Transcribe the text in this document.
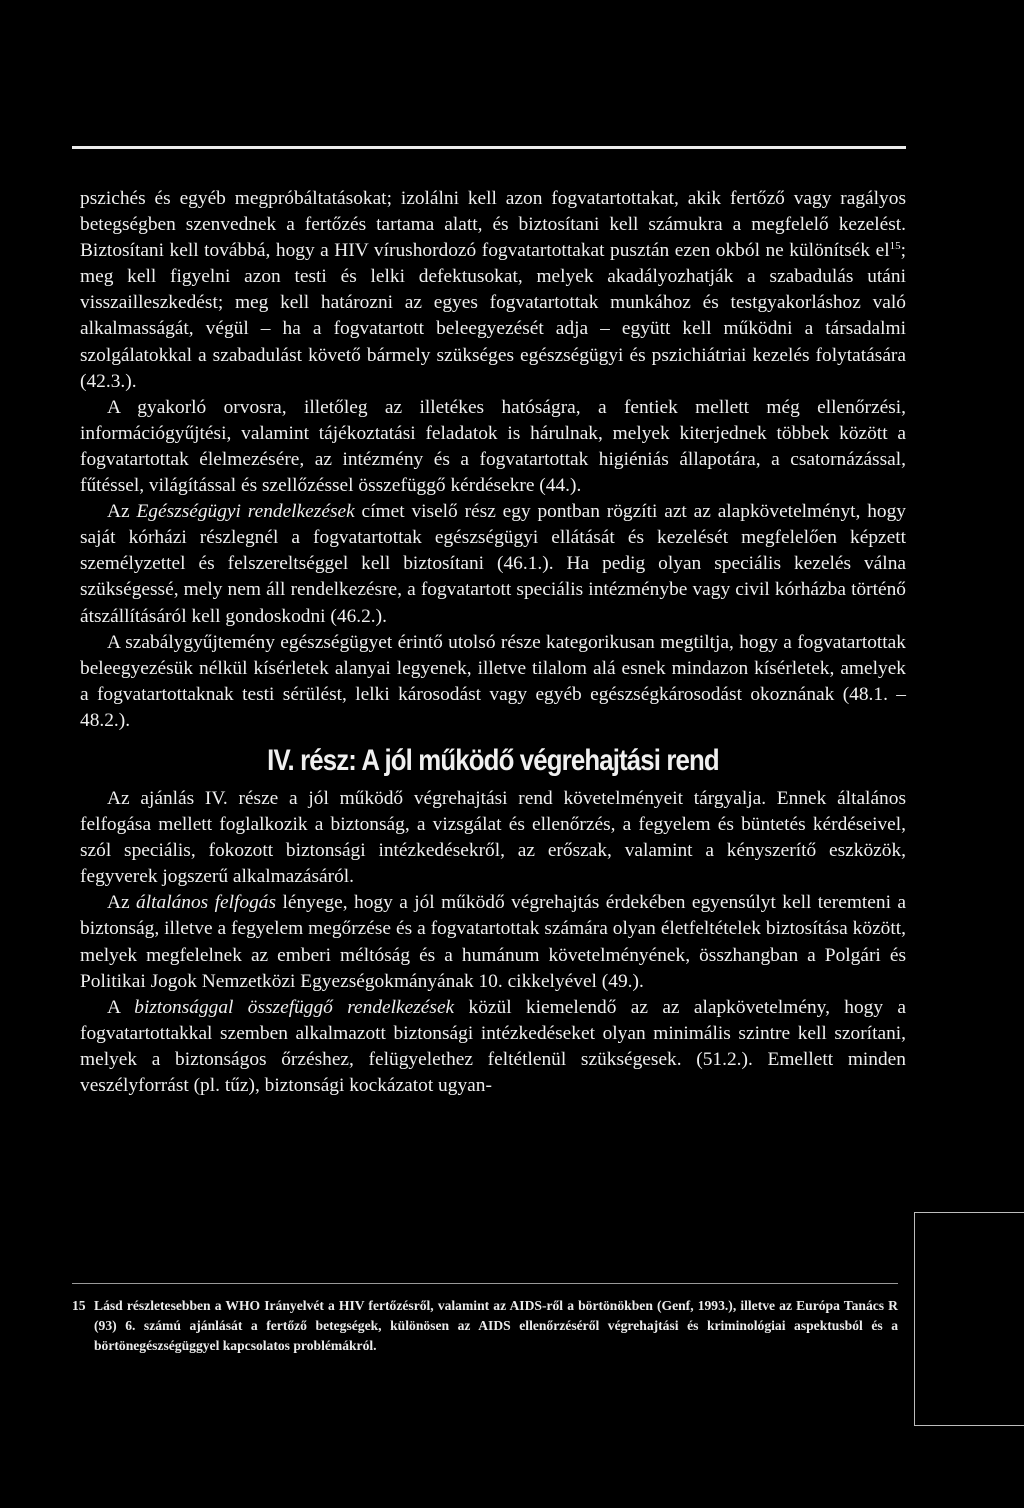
pszichés és egyéb megpróbáltatásokat; izolálni kell azon fogvatartottakat, akik fertőző vagy ragályos betegségben szenvednek a fertőzés tartama alatt, és biztosítani kell számukra a megfelelő kezelést. Biztosítani kell továbbá, hogy a HIV vírushordozó fogvatartottakat pusztán ezen okból ne különítsék $el^{15}$; meg kell figyelni azon testi és lelki defektusokat, melyek akadályozhatják a szabadulás utáni visszailleszkedést; meg kell határozni az egyes fogvatartottak munkához és testgyakorláshoz való alkalmasságát, végül – ha a fogvatartott beleegyezését adja – együtt kell működni a társadalmi szolgálatokkal a szabadulást követő bármely szükséges egészségügyi és pszichiátriai kezelés folytatására (42.3.).

A gyakorló orvosra, illetőleg az illetékes hatóságra, a fentiek mellett még ellenőrzési, információgyűjtési, valamint tájékoztatási feladatok is hárulnak, melyek kiterjednek többek között a fogvatartottak élelmezésére, az intézmény és a fogvatartottak higiéniás állapotára, a csatornázással, fűtéssel, világítással és szellőzéssel összefüggő kérdésekre (44.).

Az Egészségügyi rendelkezések címet viselő rész egy pontban rögzíti azt az alapkövetelményt, hogy saját kórházi részlegnél a fogvatartottak egészségügyi ellátását és kezelését megfelelően képzett személyzettel és felszereltséggel kell biztosítani (46.1.). Ha pedig olyan speciális kezelés válna szükségessé, mely nem áll rendelkezésre, a fogvatartott speciális intézménybe vagy civil kórházba történő átszállításáról kell gondoskodni (46.2.).

A szabálygyűjtemény egészségügyet érintő utolsó része kategorikusan megtiltja, hogy a fogvatartottak beleegyezésük nélkül kísérletek alanyai legyenek, illetve tilalom alá esnek mindazon kísérletek, amelyek a fogvatartottaknak testi sérülést, lelki károsodást vagy egyéb egészségkárosodást okoznának (48.1. – 48.2.).

IV. rész: A jól működő végrehajtási rend

Az ajánlás IV. része a jól működő végrehajtási rend követelményeit tárgyalja. Ennek általános felfogása mellett foglalkozik a biztonság, a vizsgálat és ellenőrzés, a fegyelem és büntetés kérdéseivel, szól speciális, fokozott biztonsági intézkedésekről, az erőszak, valamint a kényszerítő eszközök, fegyverek jogszerű alkalmazásáról.

Az általános felfogás lényege, hogy a jól működő végrehajtás érdekében egyensúlyt kell teremteni a biztonság, illetve a fegyelem megőrzése és a fogvatartottak számára olyan életfeltételek biztosítása között, melyek megfelelnek az emberi méltóság és a humánum követelményének, összhangban a Polgári és Politikai Jogok Nemzetközi Egyezségokmányának 10. cikkelyével (49.).

A biztonsággal összefüggő rendelkezések közül kiemelendő az az alapkövetelmény, hogy a fogvatartottakkal szemben alkalmazott biztonsági intézkedéseket olyan minimális szintre kell szorítani, melyek a biztonságos őrzéshez, felügyelethez feltétlenül szükségesek. (51.2.). Emellett minden veszélyforrást (pl. tűz), biztonsági kockázatot ugyan-

15 Lásd részletesebben a WHO Irányelvét a HIV fertőzésről, valamint az AIDS-ről a börtönökben (Genf, 1993.), illetve az Európa Tanács R (93) 6. számú ajánlását a fertőző betegségek, különösen az AIDS ellenőrzéséről végrehajtási és kriminológiai aspektusból és a börtönegészségüggyel kapcsolatos problémákról.
